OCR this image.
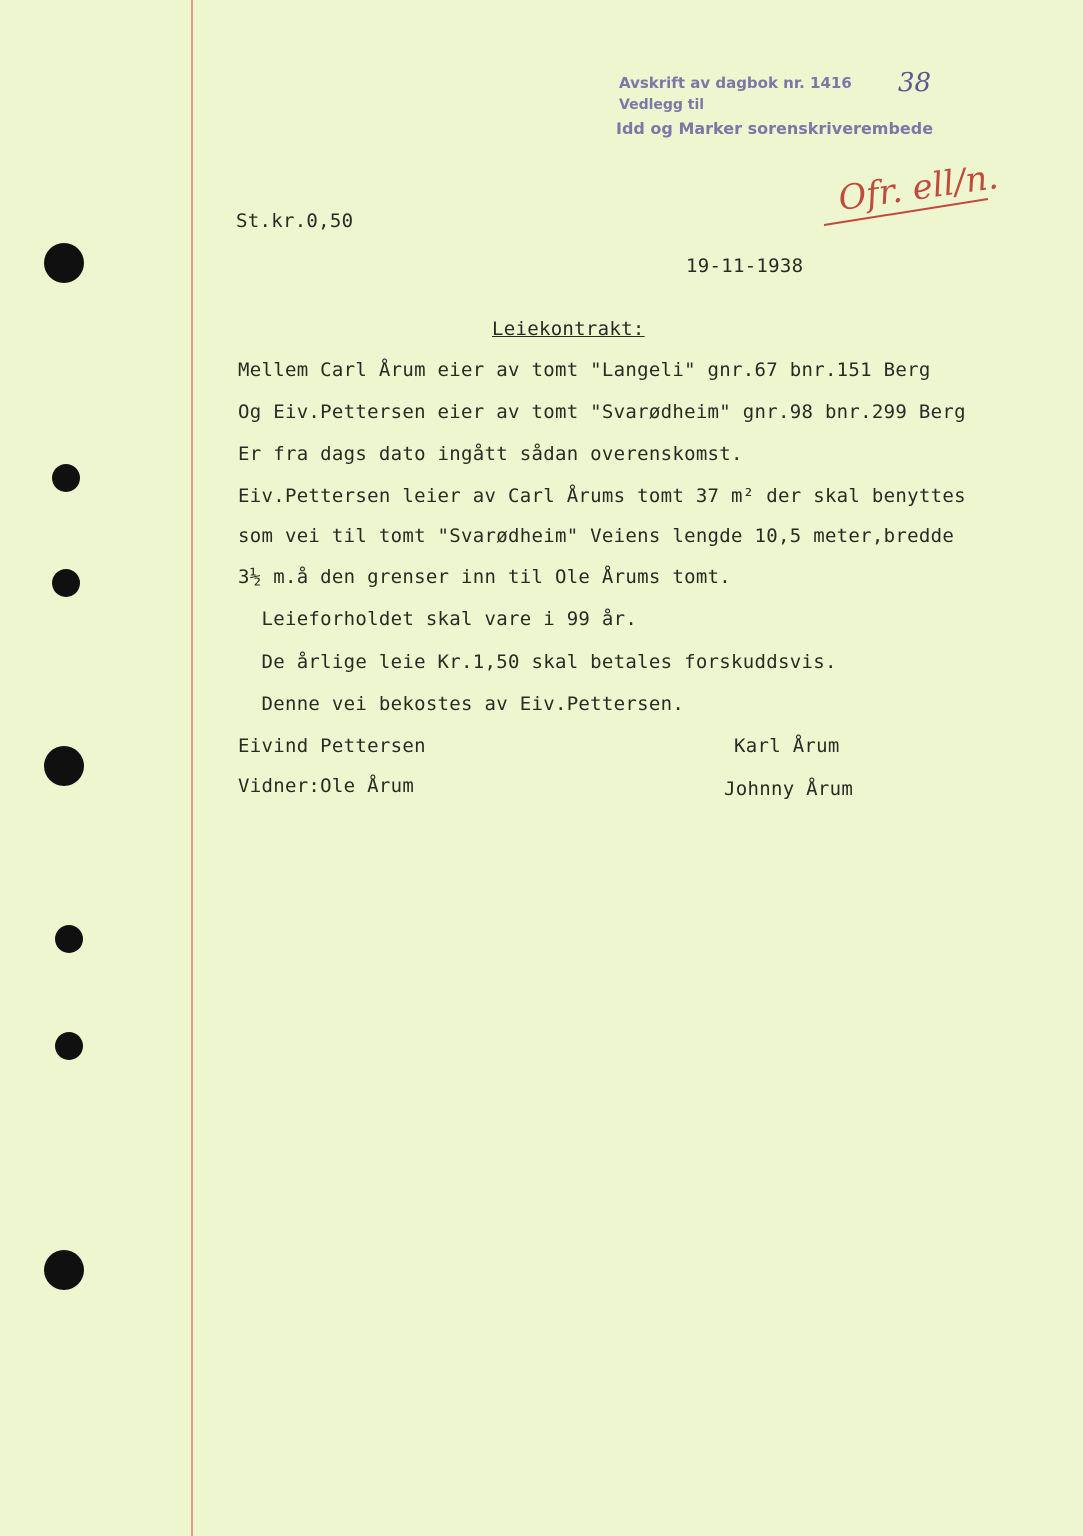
Avskrift av dagbok nr. 1416
Vedlegg til
Idd og Marker sorenskriverembede
38
Ofr. ell/n.
St.kr.0,50
19-11-1938
Leiekontrakt:
Mellem Carl Årum eier av tomt "Langeli" gnr.67 bnr.151 Berg
Og Eiv.Pettersen eier av tomt "Svarødheim" gnr.98 bnr.299 Berg
Er fra dags dato ingått sådan overenskomst.
Eiv.Pettersen leier av Carl Årums tomt 37 m² der skal benyttes
som vei til tomt "Svarødheim" Veiens lengde 10,5 meter,bredde
3½ m.å den grenser inn til Ole Årums tomt.
Leieforholdet skal vare i 99 år.
De årlige leie Kr.1,50 skal betales forskuddsvis.
Denne vei bekostes av Eiv.Pettersen.
Eivind Pettersen
Vidner:Ole Årum
Karl Årum
Johnny Årum
